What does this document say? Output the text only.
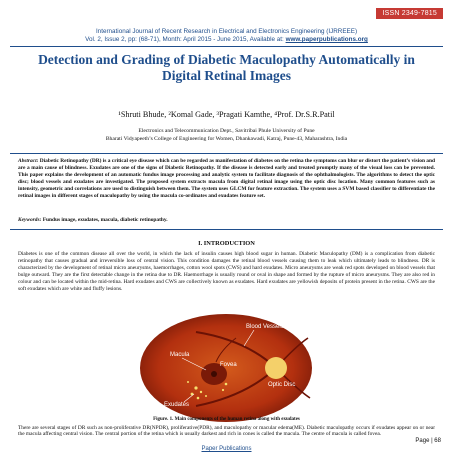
ISSN 2349-7815
International Journal of Recent Research in Electrical and Electronics Engineering (IJRREEE)
Vol. 2, Issue 2, pp: (68-71), Month: April 2015 - June 2015, Available at: www.paperpublications.org
Detection and Grading of Diabetic Maculopathy Automatically in Digital Retinal Images
¹Shruti Bhude, ²Komal Gade, ³Pragati Kamthe, ⁴Prof. Dr.S.R.Patil
Electronics and Telecommunication Dept., Savitribai Phule University of Pune
Bharati Vidyapeeth’s College of Engineering for Women, Dhankawadi, Katraj, Pune-43, Maharashtra, India
Abstract: Diabetic Retinopathy (DR) is a critical eye disease which can be regarded as manifestation of diabetes on the retina the symptoms can blur or distort the patient’s vision and are a main cause of blindness. Exudates are one of the signs of Diabetic Retinopathy. If the disease is detected early and treated promptly many of the visual loss can be prevented. This paper explains the development of an automatic fundus image processing and analytic system to facilitate diagnosis of the ophthalmologists. The algorithms to detect the optic disc; blood vessels and exudates are investigated. The proposed system extracts macula from digital retinal image using the optic disc location. Many common features such as intensity, geometric and correlations are used to distinguish between them. The system uses GLCM for feature extraction. The system uses a SVM based classifier to differentiate the retinal images in different stages of maculopathy by using the macula co-ordinates and exudates feature set.
Keywords: Fundus image, exudates, macula, diabetic retinopathy.
I. INTRODUCTION
Diabetes is one of the common disease all over the world, in which the lack of insulin causes high blood sugar in human. Diabetic Maculopathy (DM) is a complication from diabetic retinopathy that causes gradual and irreversible loss of central vision. This condition damages the retinal blood vessels causing them to leak which ultimately leads to blindness. DR is characterized by the development of retinal micro aneurysms, haemorrhages, cotton wool spots (CWS) and hard exudates. Micro aneurysms are weak red spots developed on blood vessels that bulge outward. They are the first detectable change in the retina due to DR. Haemorrhage is usually round or oval in shape and formed by the rupture of micro aneurysms. They are also red in colour and can be located within the mid-retina. Hard exudates and CWS are collectively known as exudates. Hard exudates are yellowish deposits of protein present in the retina. CWS are the soft exudates which are white and fluffy lesions.
Blood Vessels
Macula
Fovea
Optic Disc
Exudates
Figure. 1. Main components of the human retina along with exudates
There are several stages of DR such as non-proliferative DR(NPDR), proliferative(PDR), and maculopathy or macular edema(ME). Diabetic maculopathy occurs if exudates appear on or near the macula affecting central vision. The central portion of the retina which is usually darkest and rich in cones is called the macula. The centre of macula is called fovea.
Page | 68
Paper Publications
